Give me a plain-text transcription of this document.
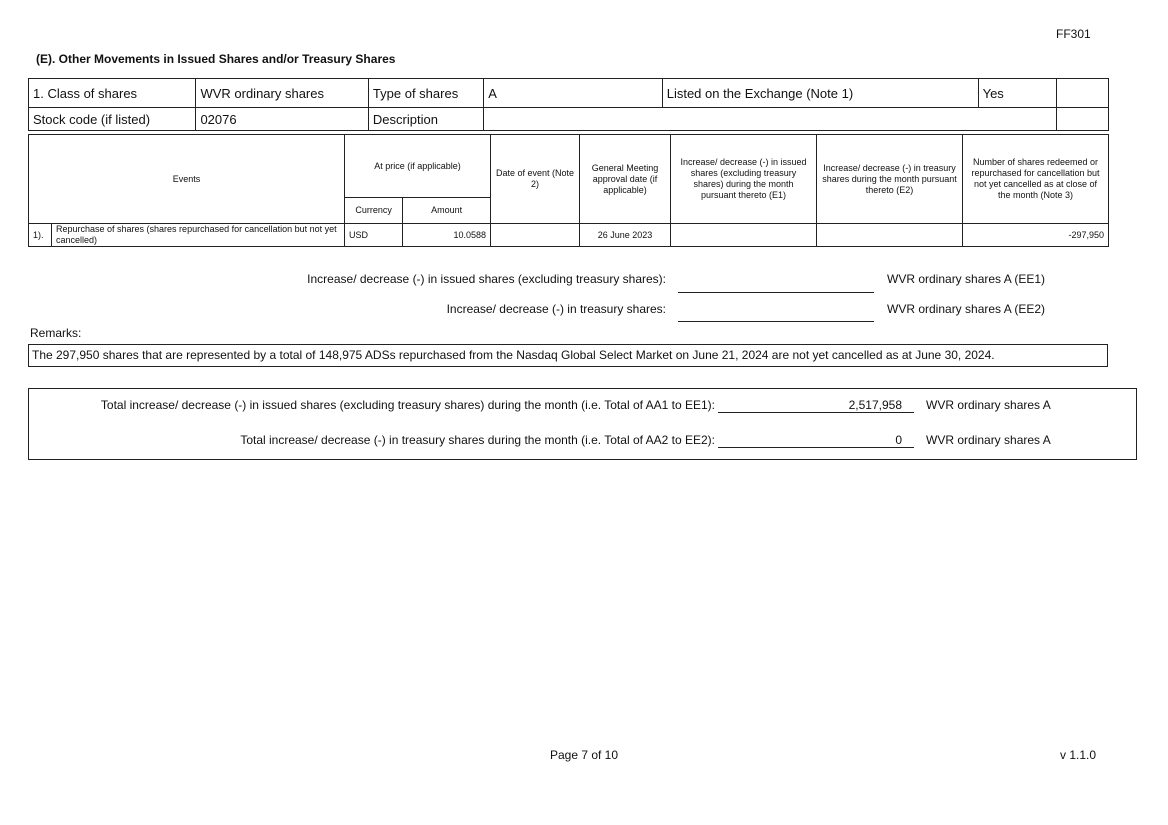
FF301
(E). Other Movements in Issued Shares and/or Treasury Shares
1. Class of shares	WVR ordinary shares	Type of shares	A	Listed on the Exchange (Note 1)	Yes	
Stock code (if listed)	02076	Description				
Events		At price (if applicable)		Date of event (Note 2)	General Meeting approval date (if applicable)	Increase/ decrease (-) in issued shares (excluding treasury shares) during the month pursuant thereto (E1)	Increase/ decrease (-) in treasury shares during the month pursuant thereto (E2)	Number of shares redeemed or repurchased for cancellation but not yet cancelled as at close of the month (Note 3)
		Currency	Amount					
1).	Repurchase of shares (shares repurchased for cancellation but not yet cancelled)	USD	10.0588		26 June 2023			-297,950
Increase/ decrease (-) in issued shares (excluding treasury shares):	WVR ordinary shares A (EE1)
Increase/ decrease (-) in treasury shares:	WVR ordinary shares A (EE2)
Remarks:
The 297,950 shares that are represented by a total of 148,975 ADSs repurchased from the Nasdaq Global Select Market on June 21, 2024 are not yet cancelled as at June 30, 2024.
Total increase/ decrease (-) in issued shares (excluding treasury shares) during the month (i.e. Total of AA1 to EE1):	2,517,958	WVR ordinary shares A
Total increase/ decrease (-) in treasury shares during the month (i.e. Total of AA2 to EE2):	0	WVR ordinary shares A
Page 7 of 10	v 1.1.0
